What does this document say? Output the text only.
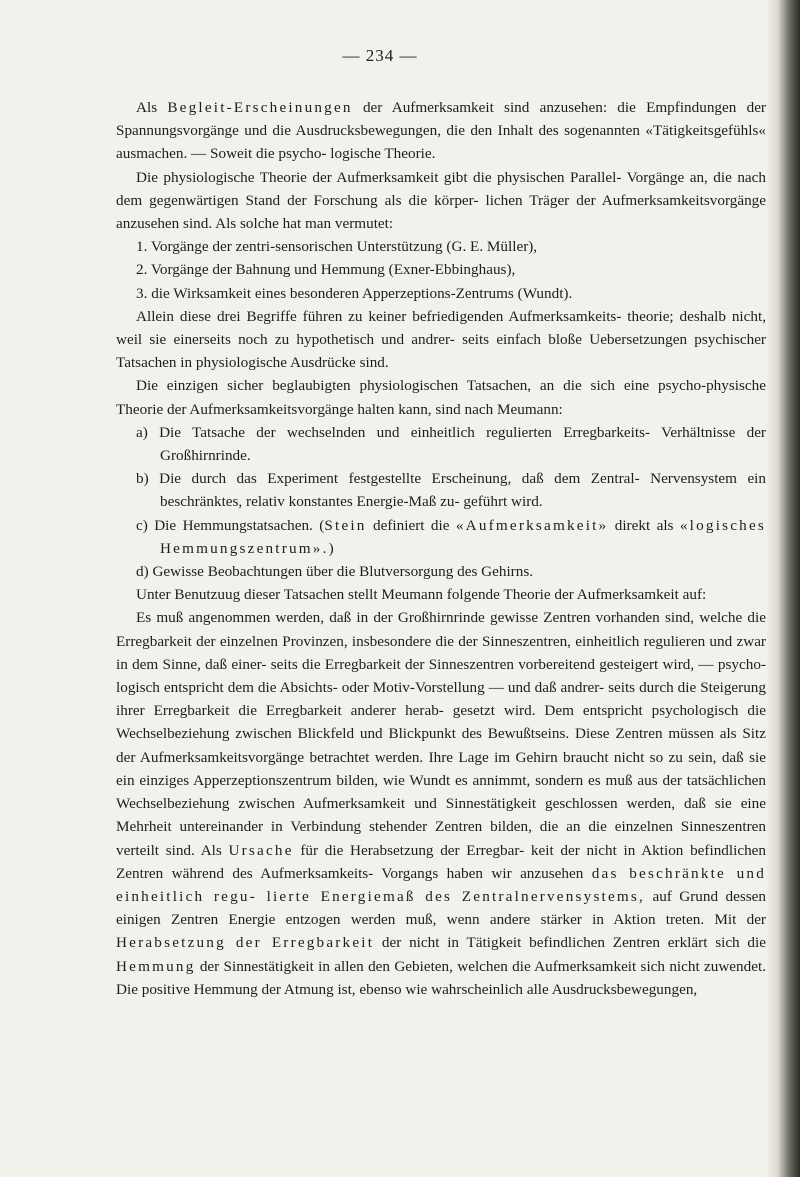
— 234 —

Als Begleit-Erscheinungen der Aufmerksamkeit sind anzusehen: die Empfindungen der Spannungsvorgänge und die Ausdrucksbewegungen, die den Inhalt des sogenannten «Tätigkeitsgefühls« ausmachen. — Soweit die psycho- logische Theorie.

Die physiologische Theorie der Aufmerksamkeit gibt die physischen Parallel- Vorgänge an, die nach dem gegenwärtigen Stand der Forschung als die körper- lichen Träger der Aufmerksamkeitsvorgänge anzusehen sind. Als solche hat man vermutet:

1. Vorgänge der zentri-sensorischen Unterstützung (G. E. Müller),

2. Vorgänge der Bahnung und Hemmung (Exner-Ebbinghaus),

3. die Wirksamkeit eines besonderen Apperzeptions-Zentrums (Wundt).

Allein diese drei Begriffe führen zu keiner befriedigenden Aufmerksamkeits- theorie; deshalb nicht, weil sie einerseits noch zu hypothetisch und andrer- seits einfach bloße Uebersetzungen psychischer Tatsachen in physiologische Ausdrücke sind.

Die einzigen sicher beglaubigten physiologischen Tatsachen, an die sich eine psycho-physische Theorie der Aufmerksamkeitsvorgänge halten kann, sind nach Meumann:

a) Die Tatsache der wechselnden und einheitlich regulierten Erregbarkeits- Verhältnisse der Großhirnrinde.

b) Die durch das Experiment festgestellte Erscheinung, daß dem Zentral- Nervensystem ein beschränktes, relativ konstantes Energie-Maß zu- geführt wird.

c) Die Hemmungstatsachen. (Stein definiert die «Aufmerksamkeit» direkt als «logisches Hemmungszentrum».)

d) Gewisse Beobachtungen über die Blutversorgung des Gehirns.

Unter Benutzuug dieser Tatsachen stellt Meumann folgende Theorie der Aufmerksamkeit auf:

Es muß angenommen werden, daß in der Großhirnrinde gewisse Zentren vorhanden sind, welche die Erregbarkeit der einzelnen Provinzen, insbesondere die der Sinneszentren, einheitlich regulieren und zwar in dem Sinne, daß einer- seits die Erregbarkeit der Sinneszentren vorbereitend gesteigert wird, — psycho- logisch entspricht dem die Absichts- oder Motiv-Vorstellung — und daß andrer- seits durch die Steigerung ihrer Erregbarkeit die Erregbarkeit anderer herab- gesetzt wird. Dem entspricht psychologisch die Wechselbeziehung zwischen Blickfeld und Blickpunkt des Bewußtseins. Diese Zentren müssen als Sitz der Aufmerksamkeitsvorgänge betrachtet werden. Ihre Lage im Gehirn braucht nicht so zu sein, daß sie ein einziges Apperzeptionszentrum bilden, wie Wundt es annimmt, sondern es muß aus der tatsächlichen Wechselbeziehung zwischen Aufmerksamkeit und Sinnestätigkeit geschlossen werden, daß sie eine Mehrheit untereinander in Verbindung stehender Zentren bilden, die an die einzelnen Sinneszentren verteilt sind. Als Ursache für die Herabsetzung der Erregbar- keit der nicht in Aktion befindlichen Zentren während des Aufmerksamkeits- Vorgangs haben wir anzusehen das beschränkte und einheitlich regu- lierte Energiemaß des Zentralnervensystems, auf Grund dessen einigen Zentren Energie entzogen werden muß, wenn andere stärker in Aktion treten. Mit der Herabsetzung der Erregbarkeit der nicht in Tätigkeit befindlichen Zentren erklärt sich die Hemmung der Sinnestätigkeit in allen den Gebieten, welchen die Aufmerksamkeit sich nicht zuwendet. Die positive Hemmung der Atmung ist, ebenso wie wahrscheinlich alle Ausdrucksbewegungen,
